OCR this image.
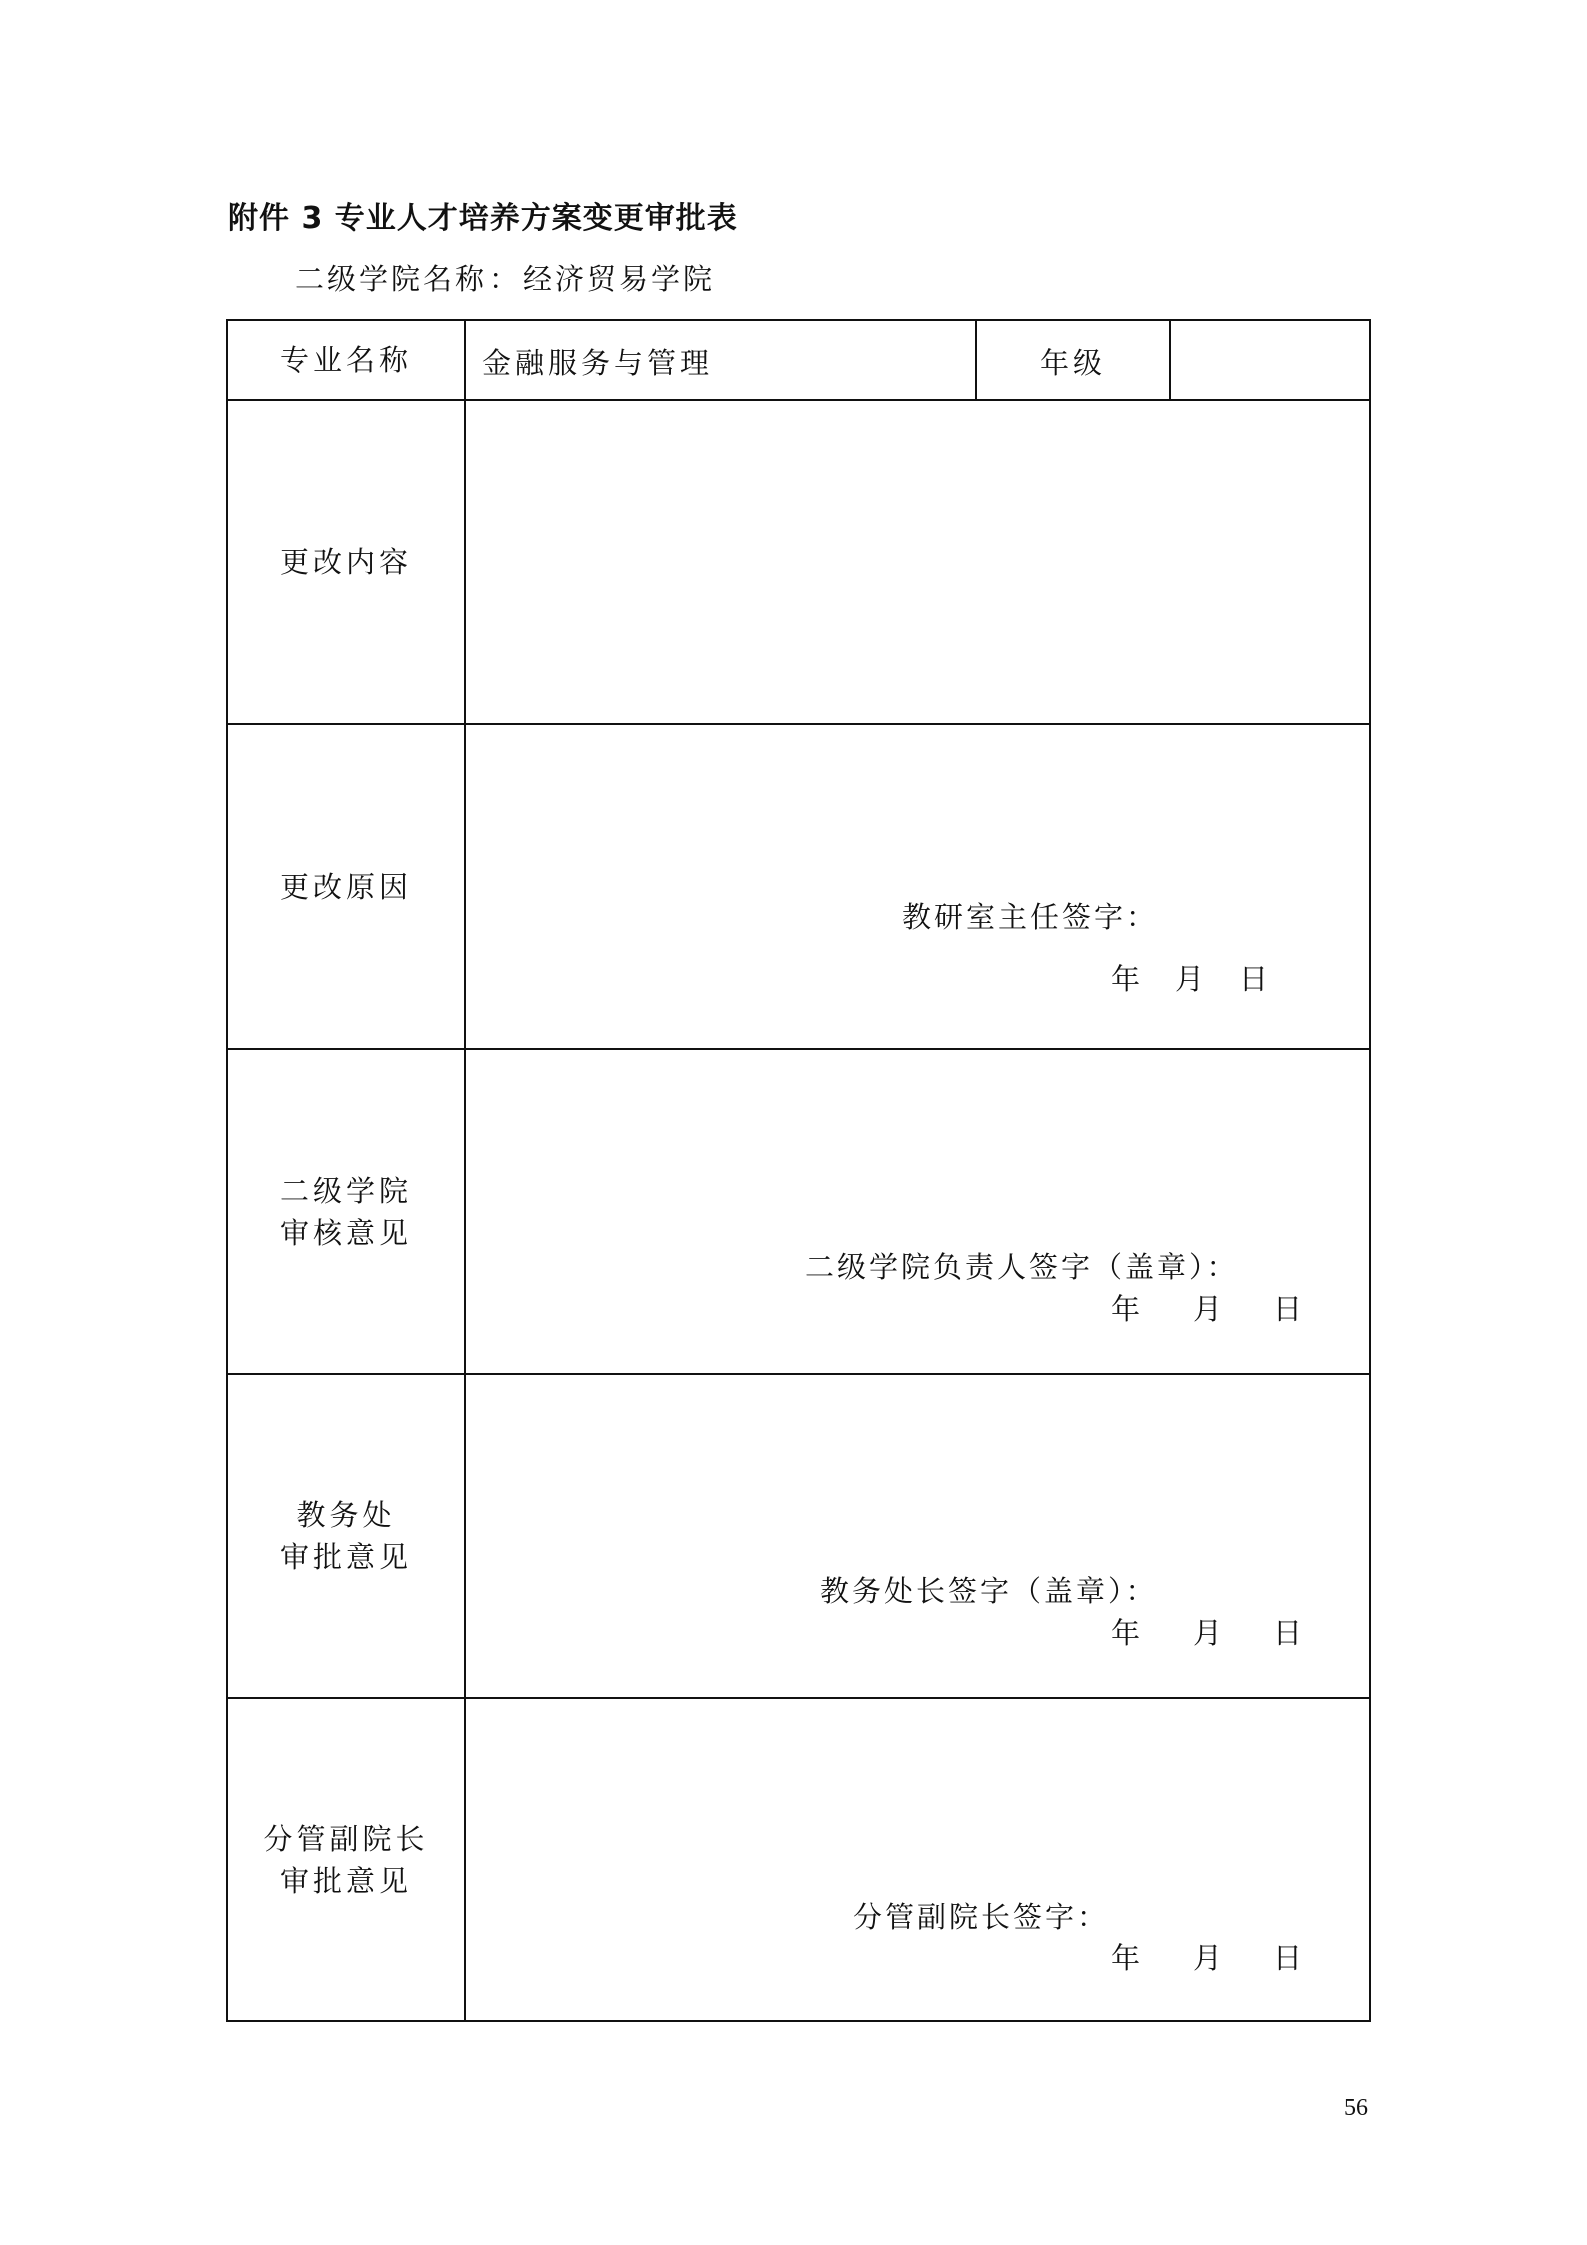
附件 3 专业人才培养方案变更审批表
二级学院名称：经济贸易学院
专业名称 金融服务与管理	年级
更改内容
更改原因
教研室主任签字：
年 月 日
二级学院
审核意见
二级学院负责人签字（盖章）：
年 月 日
教务处
审批意见
教务处长签字（盖章）：
年 月 日
分管副院长
审批意见
分管副院长签字：
年 月 日
56
